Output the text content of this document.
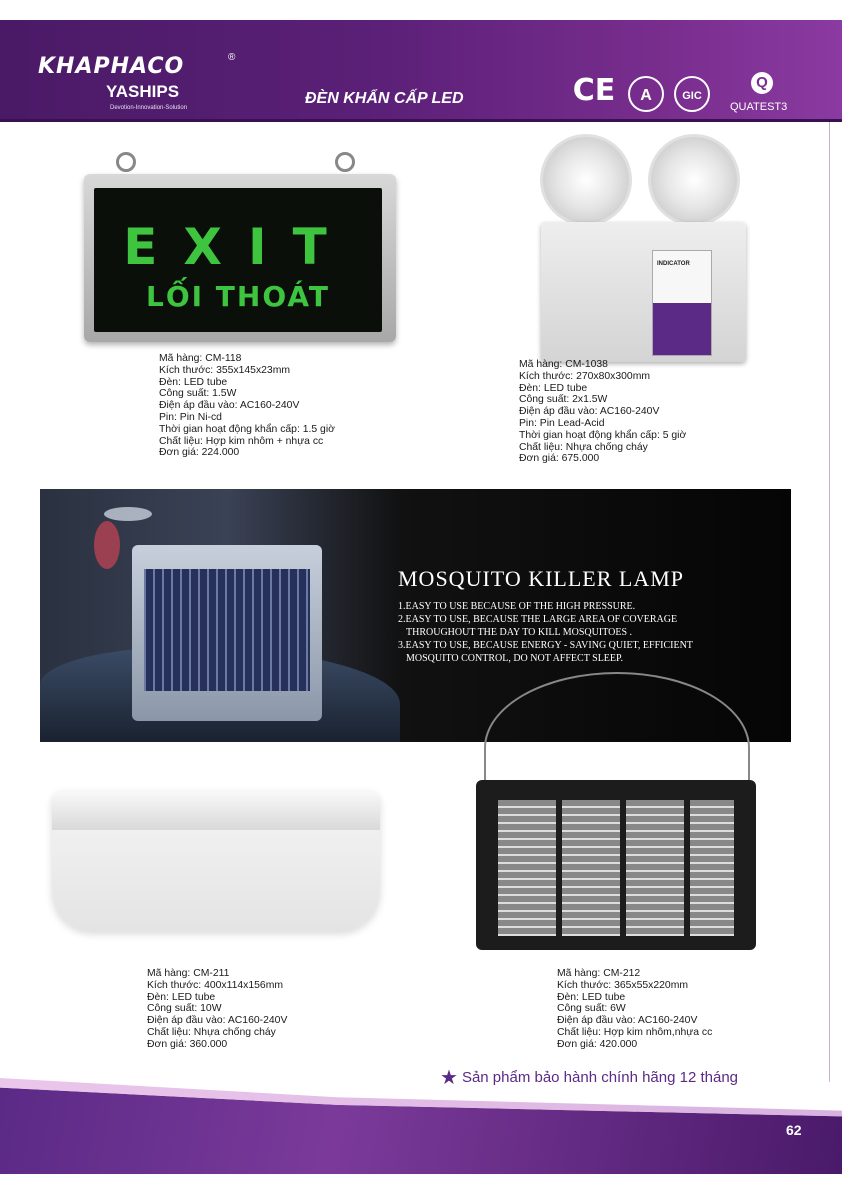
KHAPHACO	®
YASHIPS
Devotion-Innovation-Solution
ĐÈN KHẨN CẤP LED	CE	A	GIC
Q
QUATEST3
EXIT
LỐI THOÁT
Mã hàng: CM-118
Kích thước: 355x145x23mm
Đèn: LED tube
Công suất: 1.5W
Điện áp đầu vào: AC160-240V
Pin: Pin Ni-cd
Thời gian hoạt động khẩn cấp: 1.5 giờ
Chất liệu: Hợp kim nhôm + nhựa cc
Đơn giá: 224.000
INDICATOR
Mã hàng: CM-1038
Kích thước: 270x80x300mm
Đèn: LED tube
Công suất: 2x1.5W
Điện áp đầu vào: AC160-240V
Pin: Pin Lead-Acid
Thời gian hoạt động khẩn cấp: 5 giờ
Chất liệu: Nhựa chống cháy
Đơn giá: 675.000
MOSQUITO KILLER LAMP
1.EASY TO USE BECAUSE OF THE HIGH PRESSURE.
2.EASY TO USE, BECAUSE THE LARGE AREA OF COVERAGE
THROUGHOUT THE DAY TO KILL MOSQUITOES .
3.EASY TO USE, BECAUSE ENERGY - SAVING QUIET, EFFICIENT
MOSQUITO CONTROL, DO NOT AFFECT SLEEP.
Mã hàng: CM-211
Kích thước: 400x114x156mm
Đèn: LED tube
Công suất: 10W
Điện áp đầu vào: AC160-240V
Chất liệu: Nhựa chống cháy
Đơn giá: 360.000
Mã hàng: CM-212
Kích thước: 365x55x220mm
Đèn: LED tube
Công suất: 6W
Điện áp đầu vào: AC160-240V
Chất liệu: Hợp kim nhôm,nhựa cc
Đơn giá: 420.000
★ Sản phẩm bảo hành chính hãng 12 tháng
62
